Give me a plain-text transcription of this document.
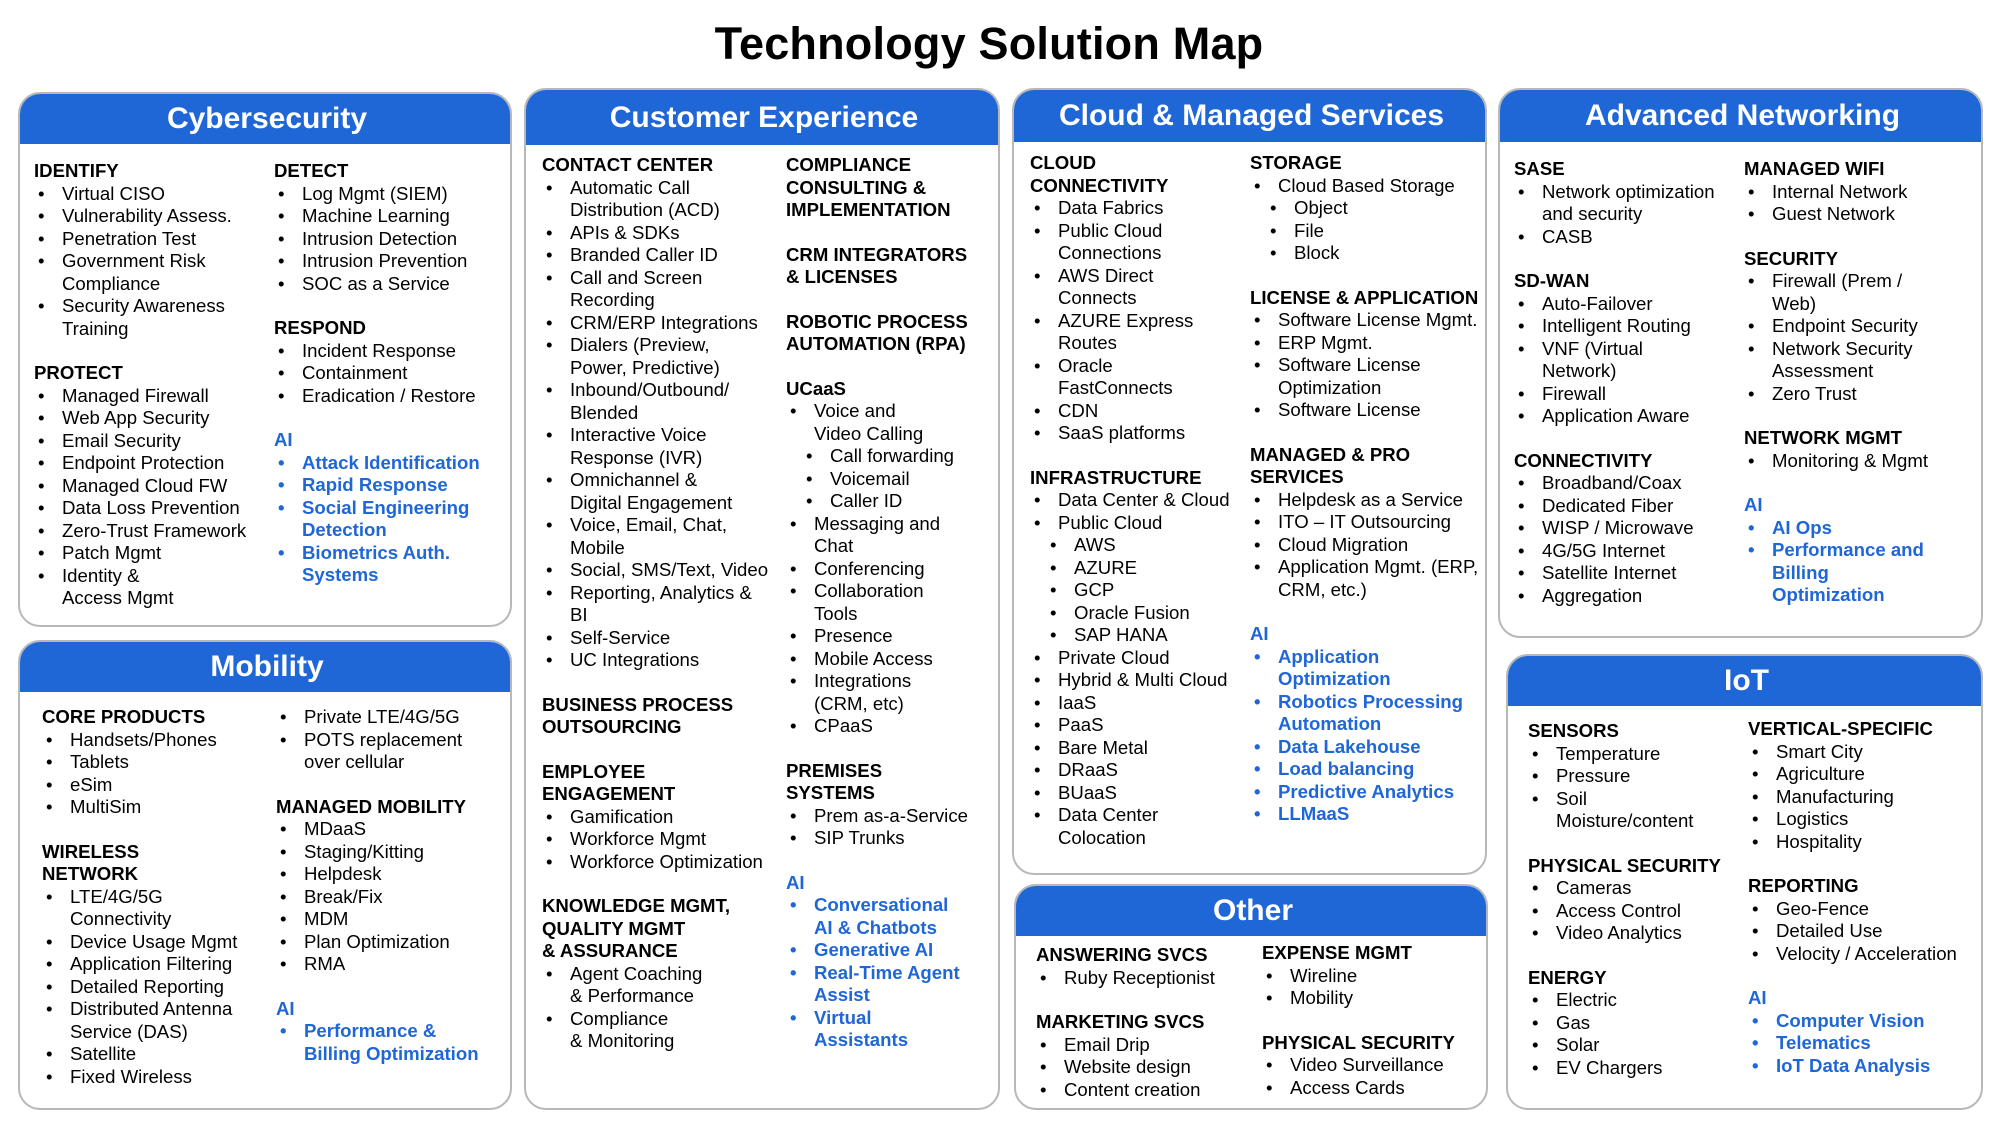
Technology Solution Map
Cybersecurity
IDENTIFY
• Virtual CISO
• Vulnerability Assess.
• Penetration Test
• Government Risk
Compliance
• Security Awareness
Training
PROTECT
• Managed Firewall
• Web App Security
• Email Security
• Endpoint Protection
• Managed Cloud FW
• Data Loss Prevention
• Zero-Trust Framework
• Patch Mgmt
• Identity &
Access Mgmt
DETECT
• Log Mgmt (SIEM)
• Machine Learning
• Intrusion Detection
• Intrusion Prevention
• SOC as a Service
RESPOND
• Incident Response
• Containment
• Eradication / Restore
AI
• Attack Identification
• Rapid Response
• Social Engineering
Detection
• Biometrics Auth.
Systems
Mobility
CORE PRODUCTS
• Handsets/Phones
• Tablets
• eSim
• MultiSim
WIRELESS
NETWORK
• LTE/4G/5G
Connectivity
• Device Usage Mgmt
• Application Filtering
• Detailed Reporting
• Distributed Antenna
Service (DAS)
• Satellite
• Fixed Wireless
• Private LTE/4G/5G
• POTS replacement
over cellular
MANAGED MOBILITY
• MDaaS
• Staging/Kitting
• Helpdesk
• Break/Fix
• MDM
• Plan Optimization
• RMA
AI
• Performance &
Billing Optimization
Customer Experience
CONTACT CENTER
• Automatic Call
Distribution (ACD)
• APIs & SDKs
• Branded Caller ID
• Call and Screen
Recording
• CRM/ERP Integrations
• Dialers (Preview,
Power, Predictive)
• Inbound/Outbound/
Blended
• Interactive Voice
Response (IVR)
• Omnichannel &
Digital Engagement
• Voice, Email, Chat,
Mobile
• Social, SMS/Text, Video
• Reporting, Analytics &
BI
• Self-Service
• UC Integrations
BUSINESS PROCESS
OUTSOURCING
EMPLOYEE
ENGAGEMENT
• Gamification
• Workforce Mgmt
• Workforce Optimization
KNOWLEDGE MGMT,
QUALITY MGMT
& ASSURANCE
• Agent Coaching
& Performance
• Compliance
& Monitoring
COMPLIANCE
CONSULTING &
IMPLEMENTATION
CRM INTEGRATORS
& LICENSES
ROBOTIC PROCESS
AUTOMATION (RPA)
UCaaS
• Voice and
Video Calling
• Call forwarding
• Voicemail
• Caller ID
• Messaging and
Chat
• Conferencing
• Collaboration
Tools
• Presence
• Mobile Access
• Integrations
(CRM, etc)
• CPaaS
PREMISES
SYSTEMS
• Prem as-a-Service
• SIP Trunks
AI
• Conversational
AI & Chatbots
• Generative AI
• Real-Time Agent
Assist
• Virtual
Assistants
Cloud & Managed Services
CLOUD
CONNECTIVITY
• Data Fabrics
• Public Cloud
Connections
• AWS Direct
Connects
• AZURE Express
Routes
• Oracle
FastConnects
• CDN
• SaaS platforms
INFRASTRUCTURE
• Data Center & Cloud
• Public Cloud
• AWS
• AZURE
• GCP
• Oracle Fusion
• SAP HANA
• Private Cloud
• Hybrid & Multi Cloud
• IaaS
• PaaS
• Bare Metal
• DRaaS
• BUaaS
• Data Center
Colocation
STORAGE
• Cloud Based Storage
• Object
• File
• Block
LICENSE & APPLICATION
• Software License Mgmt.
• ERP Mgmt.
• Software License
Optimization
• Software License
MANAGED & PRO
SERVICES
• Helpdesk as a Service
• ITO – IT Outsourcing
• Cloud Migration
• Application Mgmt. (ERP,
CRM, etc.)
AI
• Application
Optimization
• Robotics Processing
Automation
• Data Lakehouse
• Load balancing
• Predictive Analytics
• LLMaaS
Other
ANSWERING SVCS
• Ruby Receptionist
MARKETING SVCS
• Email Drip
• Website design
• Content creation
EXPENSE MGMT
• Wireline
• Mobility
PHYSICAL SECURITY
• Video Surveillance
• Access Cards
Advanced Networking
SASE
• Network optimization
and security
• CASB
SD-WAN
• Auto-Failover
• Intelligent Routing
• VNF (Virtual
Network)
• Firewall
• Application Aware
CONNECTIVITY
• Broadband/Coax
• Dedicated Fiber
• WISP / Microwave
• 4G/5G Internet
• Satellite Internet
• Aggregation
MANAGED WIFI
• Internal Network
• Guest Network
SECURITY
• Firewall (Prem /
Web)
• Endpoint Security
• Network Security
Assessment
• Zero Trust
NETWORK MGMT
• Monitoring & Mgmt
AI
• AI Ops
• Performance and
Billing
Optimization
IoT
SENSORS
• Temperature
• Pressure
• Soil
Moisture/content
PHYSICAL SECURITY
• Cameras
• Access Control
• Video Analytics
ENERGY
• Electric
• Gas
• Solar
• EV Chargers
VERTICAL-SPECIFIC
• Smart City
• Agriculture
• Manufacturing
• Logistics
• Hospitality
REPORTING
• Geo-Fence
• Detailed Use
• Velocity / Acceleration
AI
• Computer Vision
• Telematics
• IoT Data Analysis
